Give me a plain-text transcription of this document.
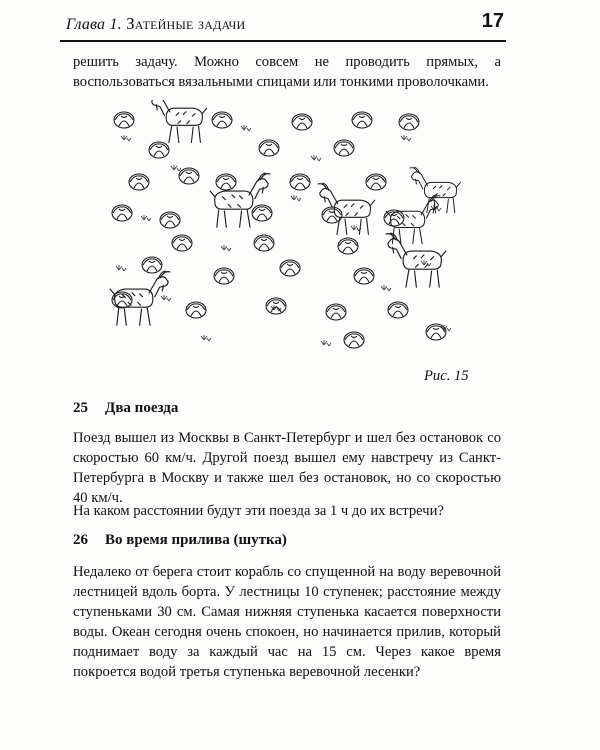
Глава 1. Затейные задачи	17

решить задачу. Можно совсем не проводить прямых, а воспользоваться вязальными спицами или тонкими проволочками.

Рис. 15
25 Два поезда

Поезд вышел из Москвы в Санкт-Петербург и шел без остановок со скоростью 60 км/ч. Другой поезд вышел ему навстречу из Санкт-Петербурга в Москву и также шел без остановок, но со скоростью 40 км/ч.

На каком расстоянии будут эти поезда за 1 ч до их встречи?

26 Во время прилива (шутка)

Недалеко от берега стоит корабль со спущенной на воду веревочной лестницей вдоль борта. У лестницы 10 ступенек; расстояние между ступеньками 30 см. Самая нижняя ступенька касается поверхности воды. Океан сегодня очень спокоен, но начинается прилив, который поднимает воду за каждый час на 15 см. Через какое время покроется водой третья ступенька веревочной лесенки?
